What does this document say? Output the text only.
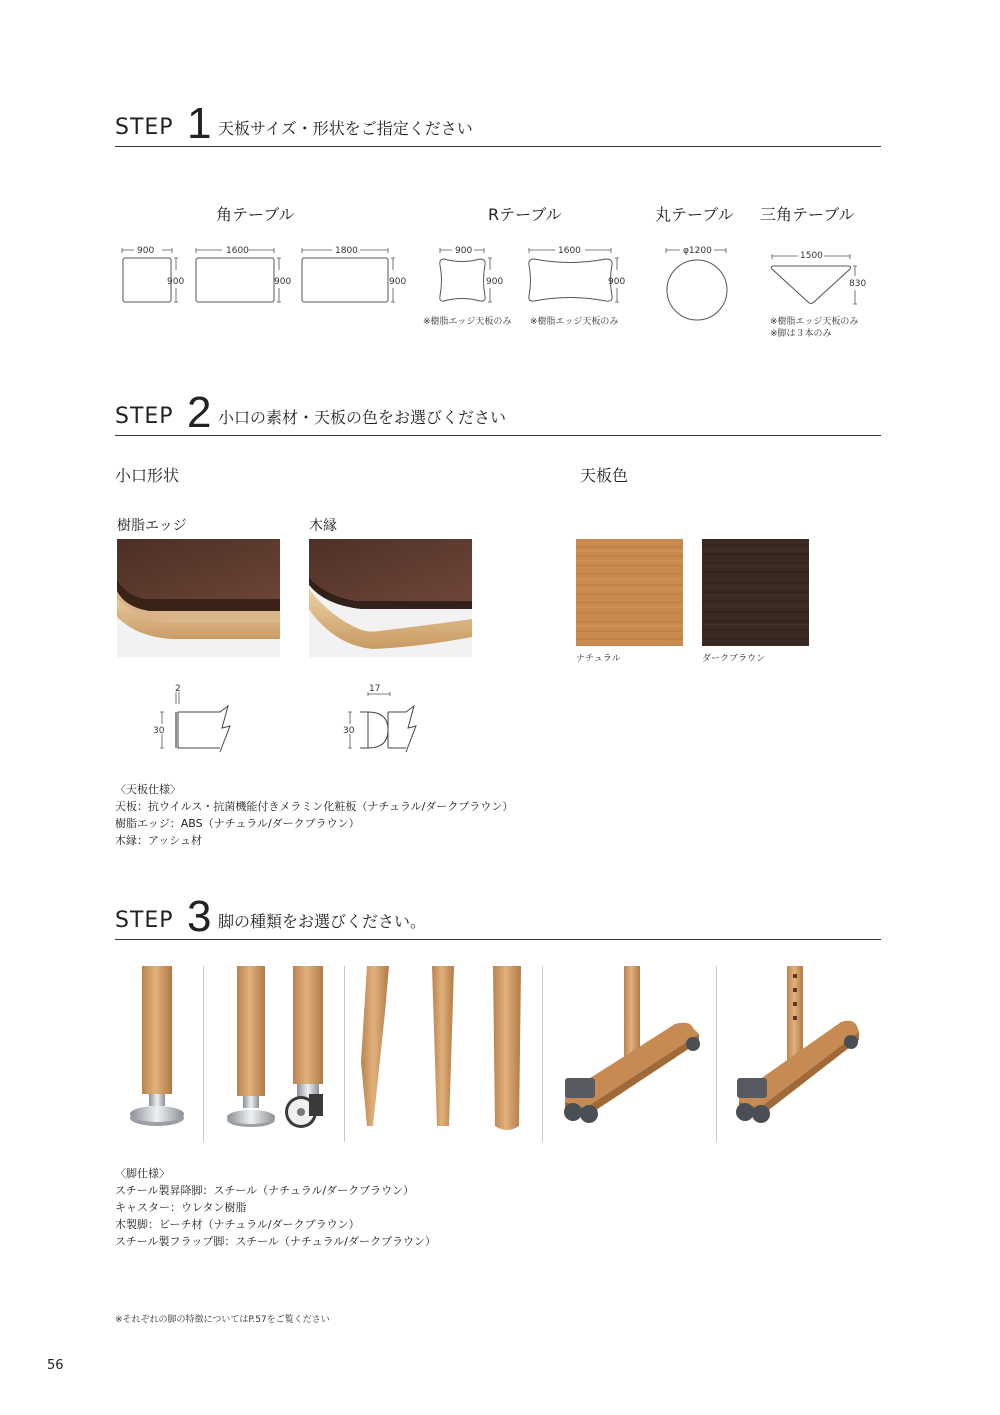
STEP 1 天板サイズ・形状をご指定ください
角テーブル	Rテーブル	丸テーブル 三角テーブル
900
900
1600
900
1800
900
900
900
※樹脂エッジ天板のみ
1600
900
※樹脂エッジ天板のみ
φ1200	1500
830
※樹脂エッジ天板のみ
※脚は３本のみ
STEP 2 小口の素材・天板の色をお選びください
小口形状	天板色
樹脂エッジ	木縁
2
30
17
30
ナチュラル	ダークブラウン
〈天板仕様〉
天板：抗ウイルス・抗菌機能付きメラミン化粧板（ナチュラル/ダークブラウン）
樹脂エッジ：ABS（ナチュラル/ダークブラウン）
木縁：アッシュ材
STEP 3 脚の種類をお選びください。
〈脚仕様〉
スチール製昇降脚：スチール（ナチュラル/ダークブラウン）
キャスター：ウレタン樹脂
木製脚：ビーチ材（ナチュラル/ダークブラウン）
スチール製フラップ脚：スチール（ナチュラル/ダークブラウン）
※それぞれの脚の特徴についてはP.57をご覧ください
56
